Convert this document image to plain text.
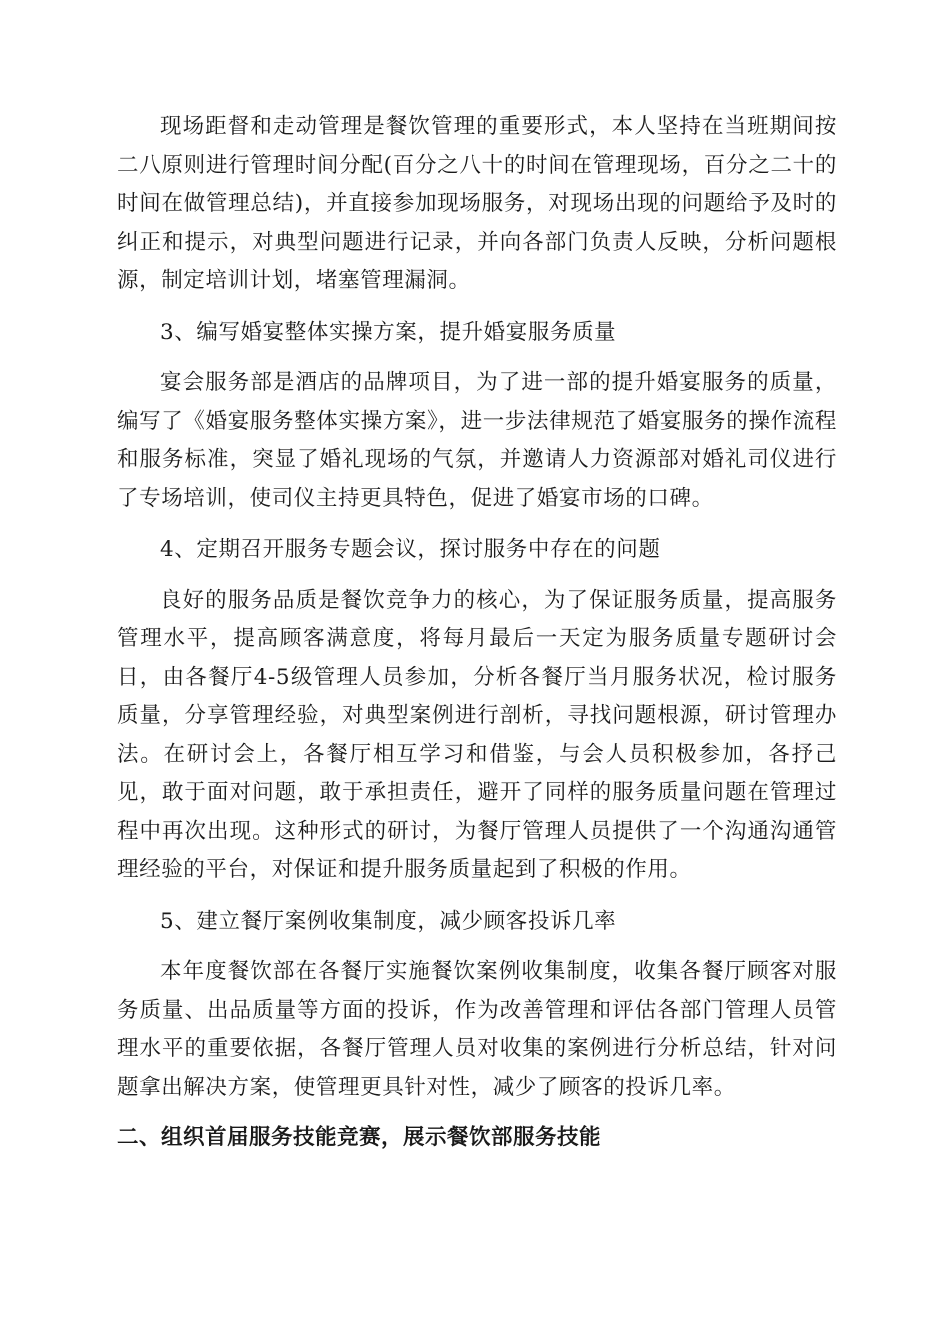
现场距督和走动管理是餐饮管理的重要形式，本人坚持在当班期间按二八原则进行管理时间分配(百分之八十的时间在管理现场，百分之二十的时间在做管理总结)，并直接参加现场服务，对现场出现的问题给予及时的纠正和提示，对典型问题进行记录，并向各部门负责人反映，分析问题根源，制定培训计划，堵塞管理漏洞。

3、编写婚宴整体实操方案，提升婚宴服务质量

宴会服务部是酒店的品牌项目，为了进一部的提升婚宴服务的质量，编写了《婚宴服务整体实操方案》，进一步法律规范了婚宴服务的操作流程和服务标准，突显了婚礼现场的气氛，并邀请人力资源部对婚礼司仪进行了专场培训，使司仪主持更具特色，促进了婚宴市场的口碑。

4、定期召开服务专题会议，探讨服务中存在的问题

良好的服务品质是餐饮竞争力的核心，为了保证服务质量，提高服务管理水平，提高顾客满意度，将每月最后一天定为服务质量专题研讨会日，由各餐厅4-5级管理人员参加，分析各餐厅当月服务状况，检讨服务质量，分享管理经验，对典型案例进行剖析，寻找问题根源，研讨管理办法。在研讨会上，各餐厅相互学习和借鉴，与会人员积极参加，各抒己见，敢于面对问题，敢于承担责任，避开了同样的服务质量问题在管理过程中再次出现。这种形式的研讨，为餐厅管理人员提供了一个沟通沟通管理经验的平台，对保证和提升服务质量起到了积极的作用。

5、建立餐厅案例收集制度，减少顾客投诉几率

本年度餐饮部在各餐厅实施餐饮案例收集制度，收集各餐厅顾客对服务质量、出品质量等方面的投诉，作为改善管理和评估各部门管理人员管理水平的重要依据，各餐厅管理人员对收集的案例进行分析总结，针对问题拿出解决方案，使管理更具针对性，减少了顾客的投诉几率。

二、组织首届服务技能竞赛，展示餐饮部服务技能
